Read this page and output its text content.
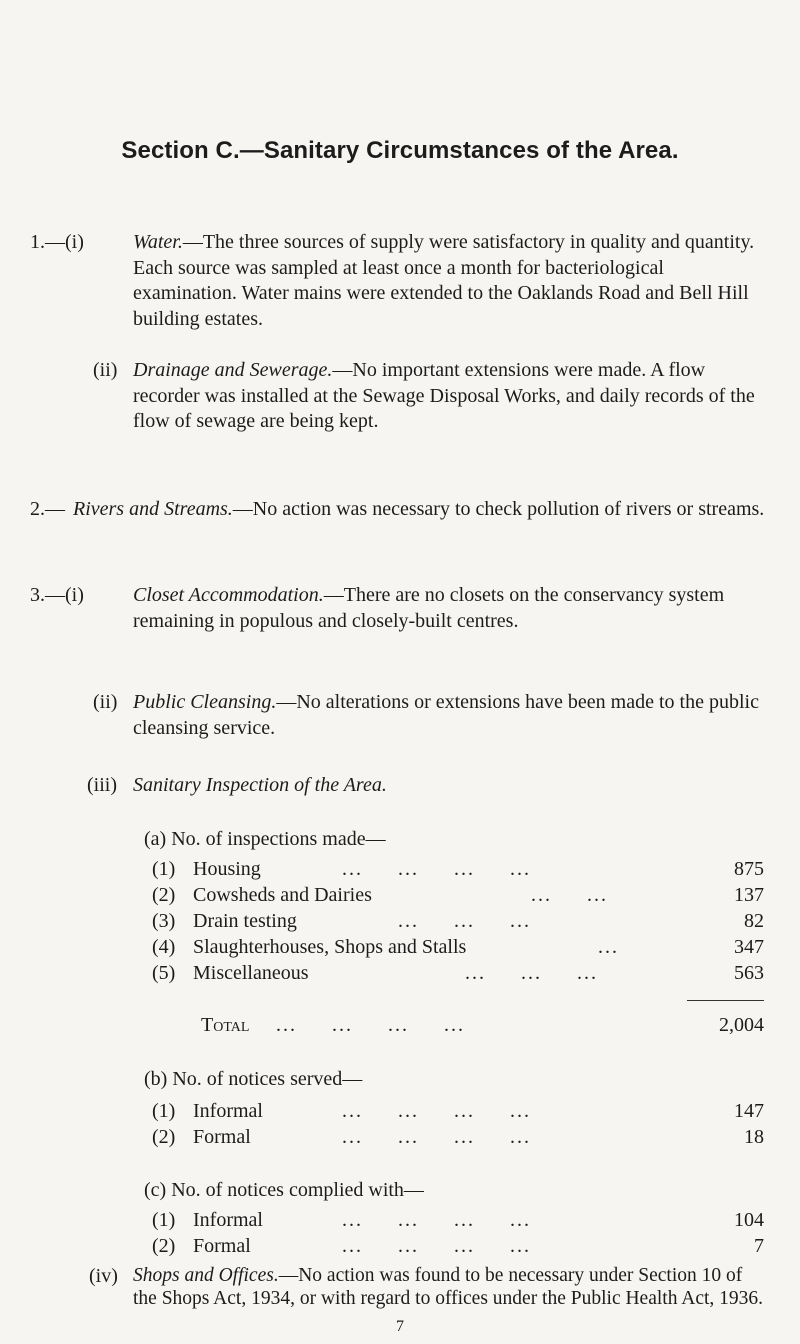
Section C.—Sanitary Circumstances of the Area.
1.—(i) Water.—The three sources of supply were satisfactory in quality and quantity. Each source was sampled at least once a month for bacteriological examination. Water mains were extended to the Oaklands Road and Bell Hill building estates.
(ii) Drainage and Sewerage.—No important extensions were made. A flow recorder was installed at the Sewage Disposal Works, and daily records of the flow of sewage are being kept.
2.— Rivers and Streams.—No action was necessary to check pollution of rivers or streams.
3.—(i) Closet Accommodation.—There are no closets on the conservancy system remaining in populous and closely-built centres.
(ii) Public Cleansing.—No alterations or extensions have been made to the public cleansing service.
(iii) Sanitary Inspection of the Area.
(a) No. of inspections made—
(1) Housing	...     ...     ...     ...	875
(2) Cowsheds and Dairies	...     ...	137
(3) Drain testing	...     ...     ...	82
(4) Slaughterhouses, Shops and Stalls	...	347
(5) Miscellaneous	...     ...     ...	563
Total ...     ...     ...     ...	2,004
(b) No. of notices served—
(1) Informal	...     ...     ...     ...	147
(2) Formal	...     ...     ...     ...	18
(c) No. of notices complied with—
(1) Informal	...     ...     ...     ...	104
(2) Formal	...     ...     ...     ...	7
(iv) Shops and Offices.—No action was found to be necessary under Section 10 of the Shops Act, 1934, or with regard to offices under the Public Health Act, 1936.
7
